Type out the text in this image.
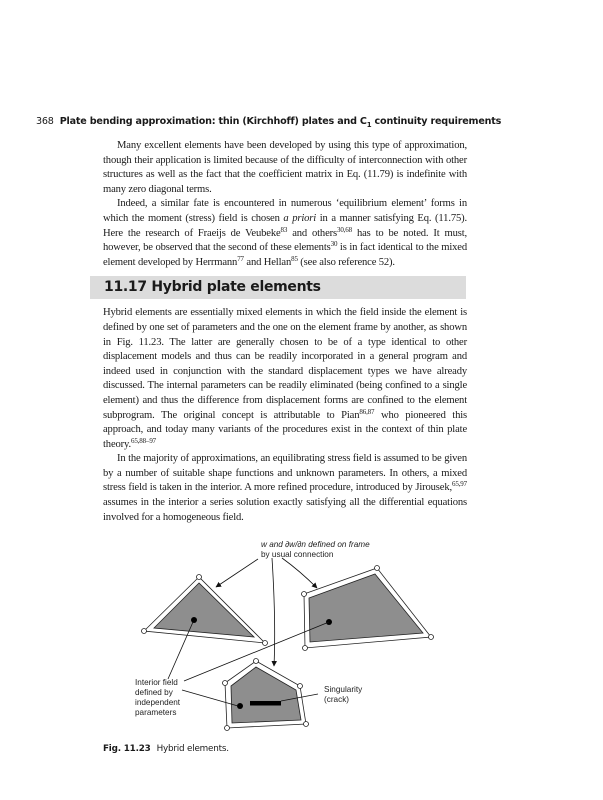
368 Plate bending approximation: thin (Kirchhoff) plates and $C_1$ continuity requirements

Many excellent elements have been developed by using this type of approximation, though their application is limited because of the difficulty of interconnection with other structures as well as the fact that the coefficient matrix in Eq. (11.79) is indefinite with many zero diagonal terms.

Indeed, a similar fate is encountered in numerous ‘equilibrium element’ forms in which the moment (stress) field is chosen a priori in a manner satisfying Eq. (11.75). Here the research of Fraeijs de Veubeke$^{83}$ and others$^{30,68}$ has to be noted. It must, however, be observed that the second of these elements$^{30}$ is in fact identical to the mixed element developed by Herrmann$^{77}$ and Hellan$^{85}$ (see also reference 52).

11.17 Hybrid plate elements

Hybrid elements are essentially mixed elements in which the field inside the element is defined by one set of parameters and the one on the element frame by another, as shown in Fig. 11.23. The latter are generally chosen to be of a type identical to other displacement models and thus can be readily incorporated in a general program and indeed used in conjunction with the standard displacement types we have already discussed. The internal parameters can be readily eliminated (being confined to a single element) and thus the difference from displacement forms are confined to the element subprogram. The original concept is attributable to Pian$^{86,87}$ who pioneered this approach, and today many variants of the procedures exist in the context of thin plate theory.$^{65,88-97}$

In the majority of approximations, an equilibrating stress field is assumed to be given by a number of suitable shape functions and unknown parameters. In others, a mixed stress field is taken in the interior. A more refined procedure, introduced by Jirousek,$^{65,97}$ assumes in the interior a series solution exactly satisfying all the differential equations involved for a homogeneous field.

w and ∂w/∂n defined on frame
by usual connection
Interior field
defined by
independent
parameters
Singularity
(crack)
Fig. 11.23 Hybrid elements.
